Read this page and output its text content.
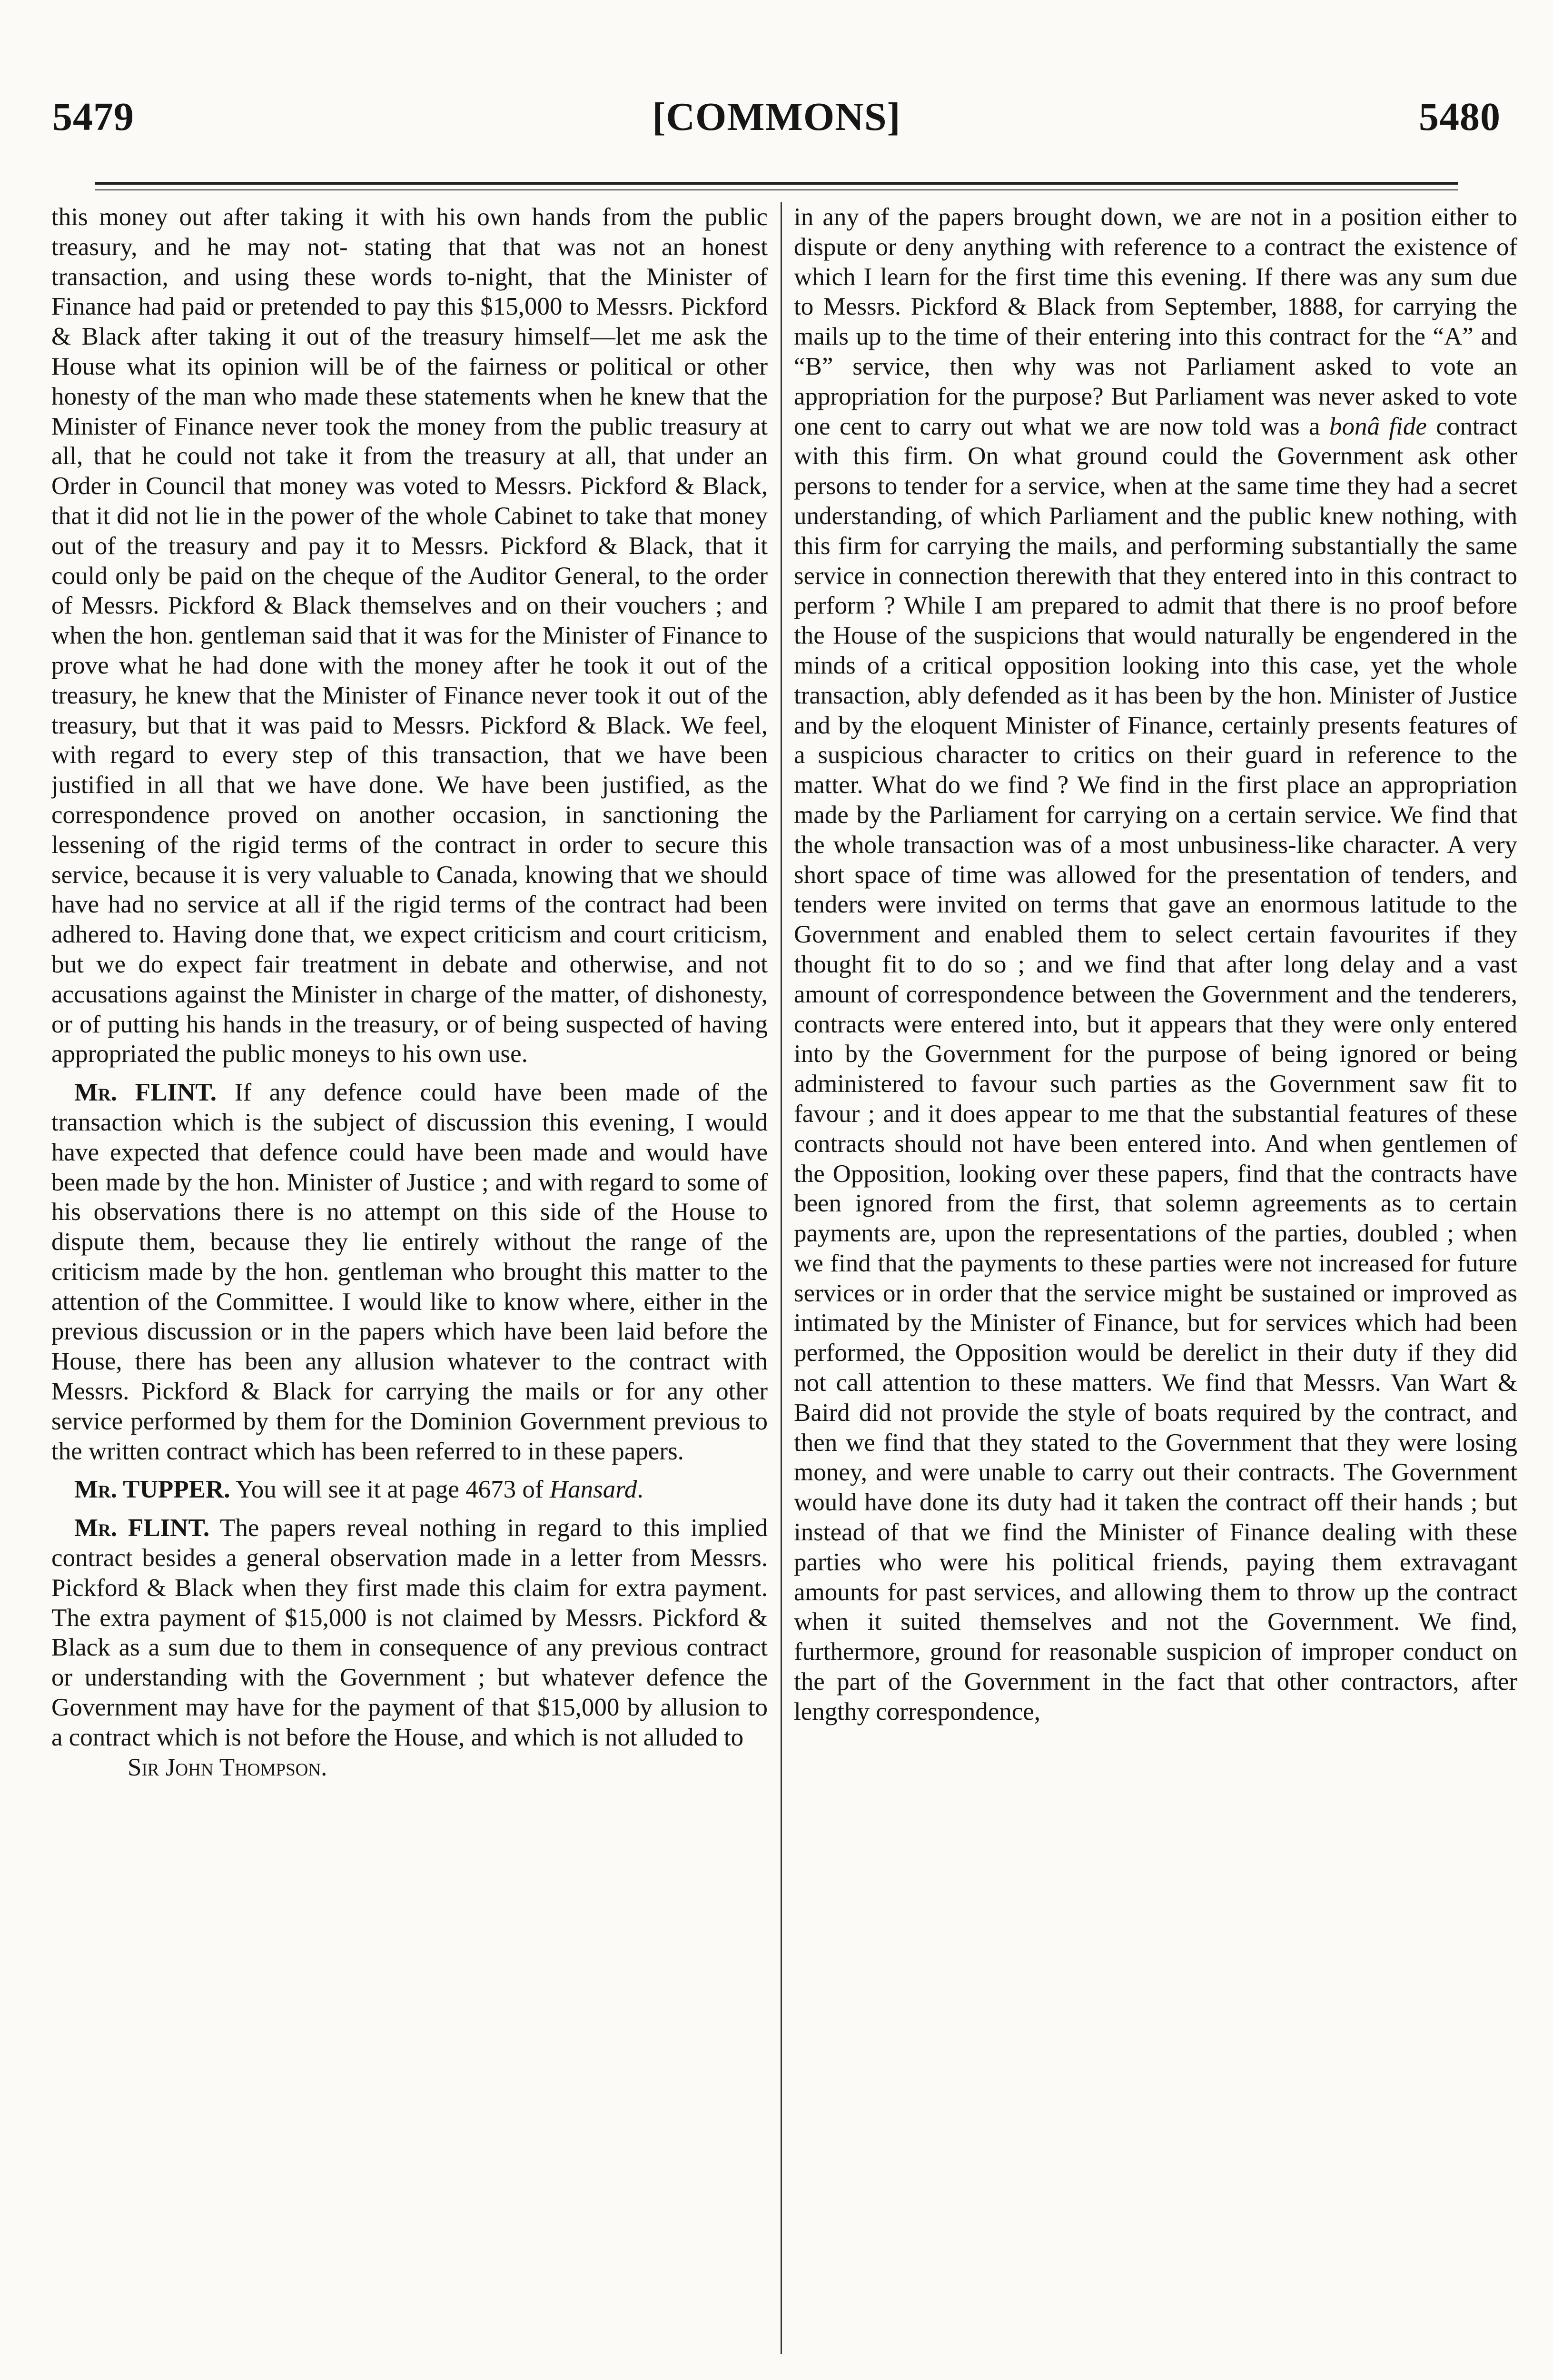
5479	[COMMONS]	5480

this money out after taking it with his own hands from the public treasury, and he may not- stating that that was not an honest transaction, and using these words to-night, that the Minister of Finance had paid or pretended to pay this $15,000 to Messrs. Pickford & Black after taking it out of the treasury himself—let me ask the House what its opinion will be of the fairness or political or other honesty of the man who made these statements when he knew that the Minister of Finance never took the money from the public treasury at all, that he could not take it from the treasury at all, that under an Order in Council that money was voted to Messrs. Pickford & Black, that it did not lie in the power of the whole Cabinet to take that money out of the treasury and pay it to Messrs. Pickford & Black, that it could only be paid on the cheque of the Auditor General, to the order of Messrs. Pickford & Black themselves and on their vouchers ; and when the hon. gentleman said that it was for the Minister of Finance to prove what he had done with the money after he took it out of the treasury, he knew that the Minister of Finance never took it out of the treasury, but that it was paid to Messrs. Pickford & Black. We feel, with regard to every step of this transaction, that we have been justified in all that we have done. We have been justified, as the correspondence proved on another occasion, in sanctioning the lessening of the rigid terms of the contract in order to secure this service, because it is very valuable to Canada, knowing that we should have had no service at all if the rigid terms of the contract had been adhered to. Having done that, we expect criticism and court criticism, but we do expect fair treatment in debate and otherwise, and not accusations against the Minister in charge of the matter, of dishonesty, or of putting his hands in the treasury, or of being suspected of having appropriated the public moneys to his own use.

Mr. FLINT. If any defence could have been made of the transaction which is the subject of discussion this evening, I would have expected that defence could have been made and would have been made by the hon. Minister of Justice ; and with regard to some of his observations there is no attempt on this side of the House to dispute them, because they lie entirely without the range of the criticism made by the hon. gentleman who brought this matter to the attention of the Committee. I would like to know where, either in the previous discussion or in the papers which have been laid before the House, there has been any allusion whatever to the contract with Messrs. Pickford & Black for carrying the mails or for any other service performed by them for the Dominion Government previous to the written contract which has been referred to in these papers.

Mr. TUPPER. You will see it at page 4673 of Hansard.

Mr. FLINT. The papers reveal nothing in regard to this implied contract besides a general observation made in a letter from Messrs. Pickford & Black when they first made this claim for extra payment. The extra payment of $15,000 is not claimed by Messrs. Pickford & Black as a sum due to them in consequence of any previous contract or understanding with the Government ; but whatever defence the Government may have for the payment of that $15,000 by allusion to a contract which is not before the House, and which is not alluded to

Sir John Thompson.

in any of the papers brought down, we are not in a position either to dispute or deny anything with reference to a contract the existence of which I learn for the first time this evening. If there was any sum due to Messrs. Pickford & Black from September, 1888, for carrying the mails up to the time of their entering into this contract for the “A” and “B” service, then why was not Parliament asked to vote an appropriation for the purpose? But Parliament was never asked to vote one cent to carry out what we are now told was a bonâ fide contract with this firm. On what ground could the Government ask other persons to tender for a service, when at the same time they had a secret understanding, of which Parliament and the public knew nothing, with this firm for carrying the mails, and performing substantially the same service in connection therewith that they entered into in this contract to perform ? While I am prepared to admit that there is no proof before the House of the suspicions that would naturally be engendered in the minds of a critical opposition looking into this case, yet the whole transaction, ably defended as it has been by the hon. Minister of Justice and by the eloquent Minister of Finance, certainly presents features of a suspicious character to critics on their guard in reference to the matter. What do we find ? We find in the first place an appropriation made by the Parliament for carrying on a certain service. We find that the whole transaction was of a most unbusiness-like character. A very short space of time was allowed for the presentation of tenders, and tenders were invited on terms that gave an enormous latitude to the Government and enabled them to select certain favourites if they thought fit to do so ; and we find that after long delay and a vast amount of correspondence between the Government and the tenderers, contracts were entered into, but it appears that they were only entered into by the Government for the purpose of being ignored or being administered to favour such parties as the Government saw fit to favour ; and it does appear to me that the substantial features of these contracts should not have been entered into. And when gentlemen of the Opposition, looking over these papers, find that the contracts have been ignored from the first, that solemn agreements as to certain payments are, upon the representations of the parties, doubled ; when we find that the payments to these parties were not increased for future services or in order that the service might be sustained or improved as intimated by the Minister of Finance, but for services which had been performed, the Opposition would be derelict in their duty if they did not call attention to these matters. We find that Messrs. Van Wart & Baird did not provide the style of boats required by the contract, and then we find that they stated to the Government that they were losing money, and were unable to carry out their contracts. The Government would have done its duty had it taken the contract off their hands ; but instead of that we find the Minister of Finance dealing with these parties who were his political friends, paying them extravagant amounts for past services, and allowing them to throw up the contract when it suited themselves and not the Government. We find, furthermore, ground for reasonable suspicion of improper conduct on the part of the Government in the fact that other contractors, after lengthy correspondence,
